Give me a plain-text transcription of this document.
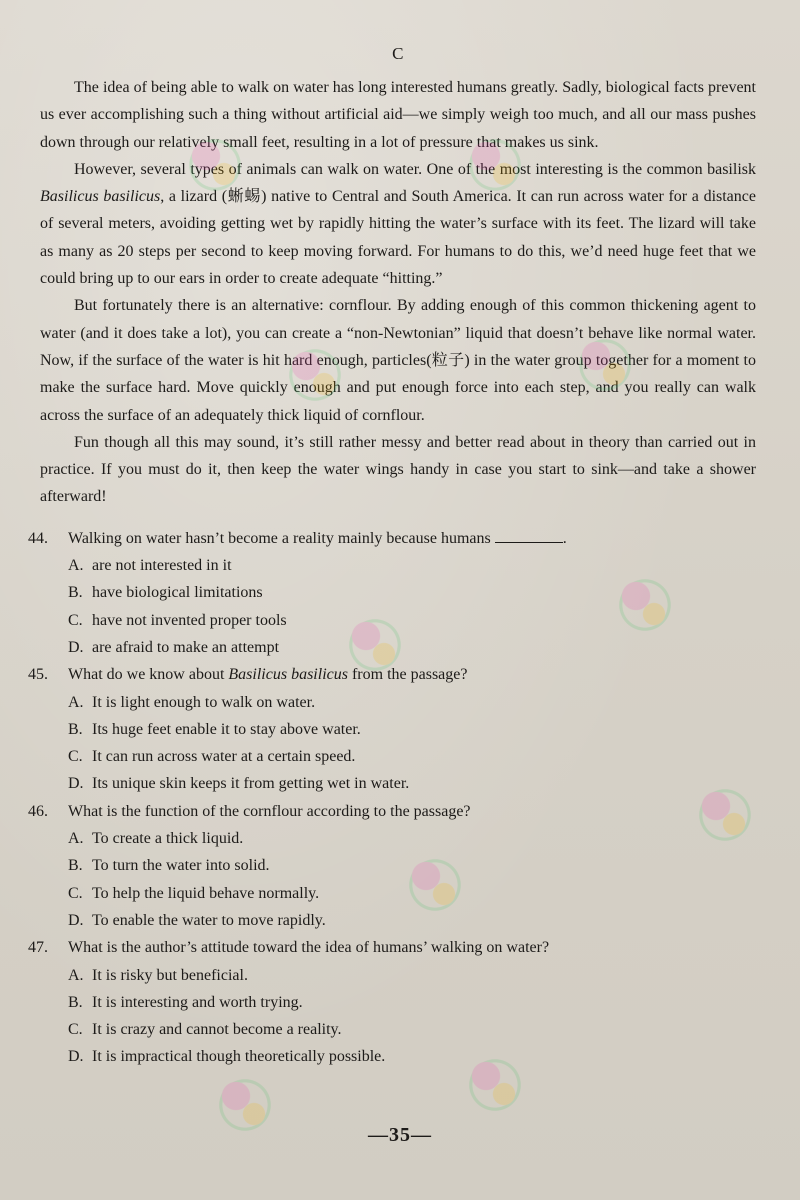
C

The idea of being able to walk on water has long interested humans greatly. Sadly, biological facts prevent us ever accomplishing such a thing without artificial aid—we simply weigh too much, and all our mass pushes down through our relatively small feet, resulting in a lot of pressure that makes us sink.

However, several types of animals can walk on water. One of the most interesting is the common basilisk Basilicus basilicus, a lizard (蜥蜴) native to Central and South America. It can run across water for a distance of several meters, avoiding getting wet by rapidly hitting the water’s surface with its feet. The lizard will take as many as 20 steps per second to keep moving forward. For humans to do this, we’d need huge feet that we could bring up to our ears in order to create adequate “hitting.”

But fortunately there is an alternative: cornflour. By adding enough of this common thickening agent to water (and it does take a lot), you can create a “non-Newtonian” liquid that doesn’t behave like normal water. Now, if the surface of the water is hit hard enough, particles(粒子) in the water group together for a moment to make the surface hard. Move quickly enough and put enough force into each step, and you really can walk across the surface of an adequately thick liquid of cornflour.

Fun though all this may sound, it’s still rather messy and better read about in theory than carried out in practice. If you must do it, then keep the water wings handy in case you start to sink—and take a shower afterward!

44.	Walking on water hasn’t become a reality mainly because humans	.
A. are not interested in it
B. have biological limitations
C. have not invented proper tools
D. are afraid to make an attempt
45.	What do we know about Basilicus basilicus from the passage?
A. It is light enough to walk on water.
B. Its huge feet enable it to stay above water.
C. It can run across water at a certain speed.
D. Its unique skin keeps it from getting wet in water.
46.	What is the function of the cornflour according to the passage?
A. To create a thick liquid.
B. To turn the water into solid.
C. To help the liquid behave normally.
D. To enable the water to move rapidly.
47.	What is the author’s attitude toward the idea of humans’ walking on water?
A. It is risky but beneficial.
B. It is interesting and worth trying.
C. It is crazy and cannot become a reality.
D. It is impractical though theoretically possible.
—35—
